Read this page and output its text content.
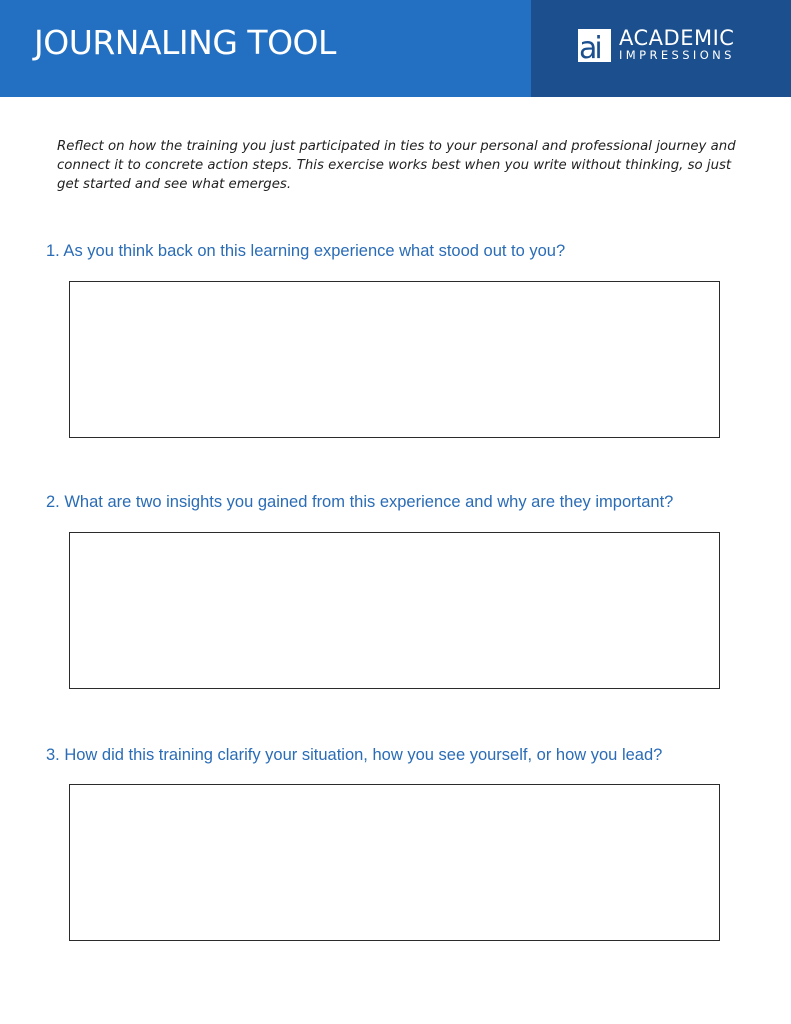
JOURNALING TOOL	ai ACADEMIC
IMPRESSIONS

Reflect on how the training you just participated in ties to your personal and professional journey and connect it to concrete action steps. This exercise works best when you write without thinking, so just get started and see what emerges.

1. As you think back on this learning experience what stood out to you?
2. What are two insights you gained from this experience and why are they important?
3. How did this training clarify your situation, how you see yourself, or how you lead?
